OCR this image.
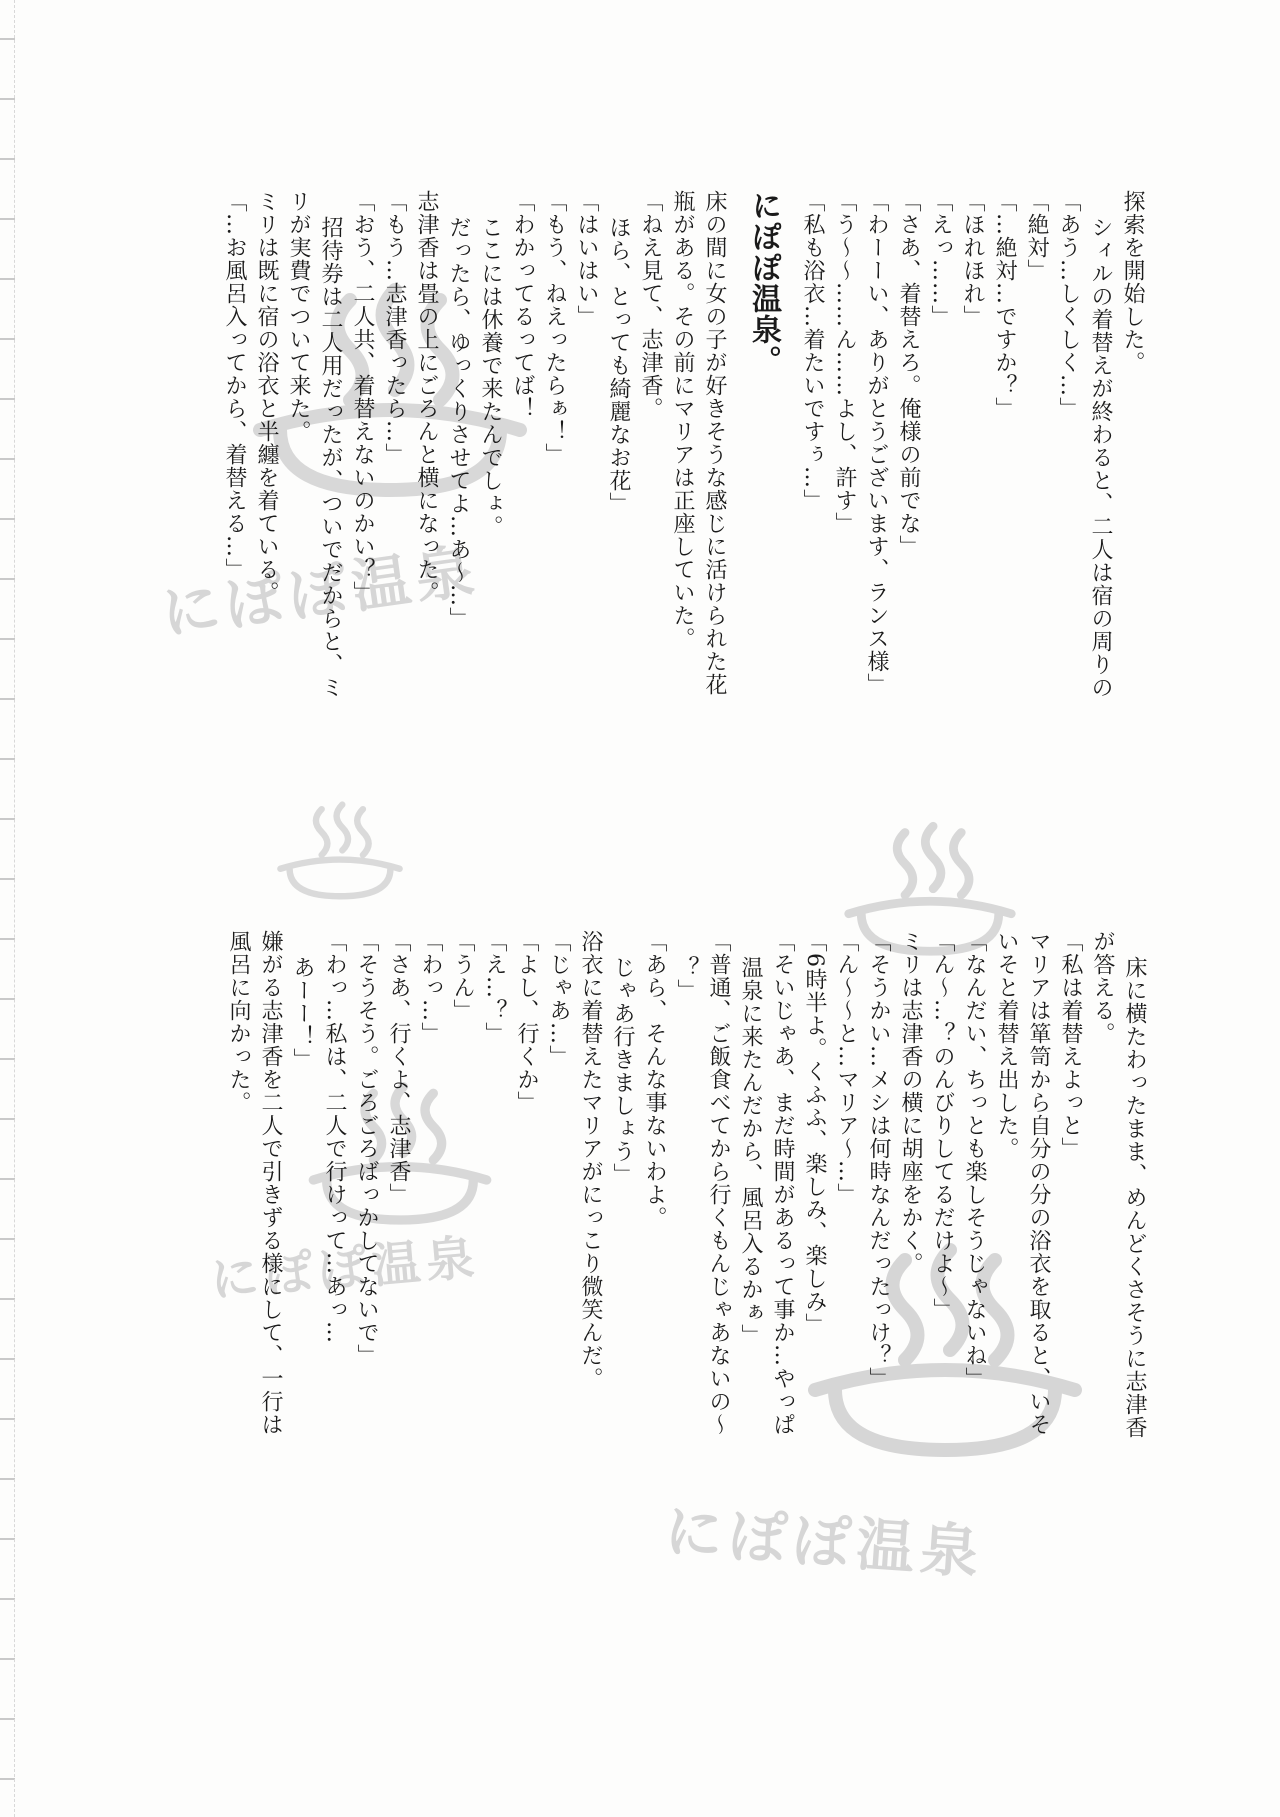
にぽぽ温泉
にぽぽ温泉
にぽぽ温泉

探索を開始した。

シィルの着替えが終わると、二人は宿の周りの

「あう…しくしく…」

「絶対」

「…絶対…ですか？」

「ほれほれ」

「えっ……」

「さあ、着替えろ。俺様の前でな」

「わーーい、ありがとうございます、ランス様」

「う～～……ん……よし、許す」

「私も浴衣…着たいですぅ…」

にぽぽ温泉。

床の間に女の子が好きそうな感じに活けられた花

瓶がある。その前にマリアは正座していた。

「ねえ見て、志津香。

ほら、とっても綺麗なお花」

「はいはい」

「もう、ねえったらぁ！」

「わかってるってば！

ここには休養で来たんでしょ。

だったら、ゆっくりさせてよ…あ～…」

志津香は畳の上にごろんと横になった。

「もう…志津香ったら…」

「おう、二人共、着替えないのかい？」

招待券は二人用だったが、ついでだからと、ミ

リが実費でついて来た。

ミリは既に宿の浴衣と半纏を着ている。

「…お風呂入ってから、着替える…」

床に横たわったまま、めんどくさそうに志津香

が答える。

「私は着替えよっと」

マリアは箪笥から自分の分の浴衣を取ると、いそ

いそと着替え出した。

「なんだい、ちっとも楽しそうじゃないね」

「ん～…？のんびりしてるだけよ～」

ミリは志津香の横に胡座をかく。

「そうかい…メシは何時なんだったっけ？」

「ん～～と…マリア～…」

「6時半よ。くふふ、楽しみ、楽しみ」

「そいじゃあ、まだ時間があるって事か…やっぱ

温泉に来たんだから、風呂入るかぁ」

「普通、ご飯食べてから行くもんじゃあないの～

？」

「あら、そんな事ないわよ。

じゃあ行きましょう」

浴衣に着替えたマリアがにっこり微笑んだ。

「じゃあ…」

「よし、行くか」

「え…？」

「うん」

「わっ…」

「さあ、行くよ、志津香」

「そうそう。ごろごろばっかしてないで」

「わっ…私は、二人で行けって…あっ…

あーー！」

嫌がる志津香を二人で引きずる様にして、一行は

風呂に向かった。
